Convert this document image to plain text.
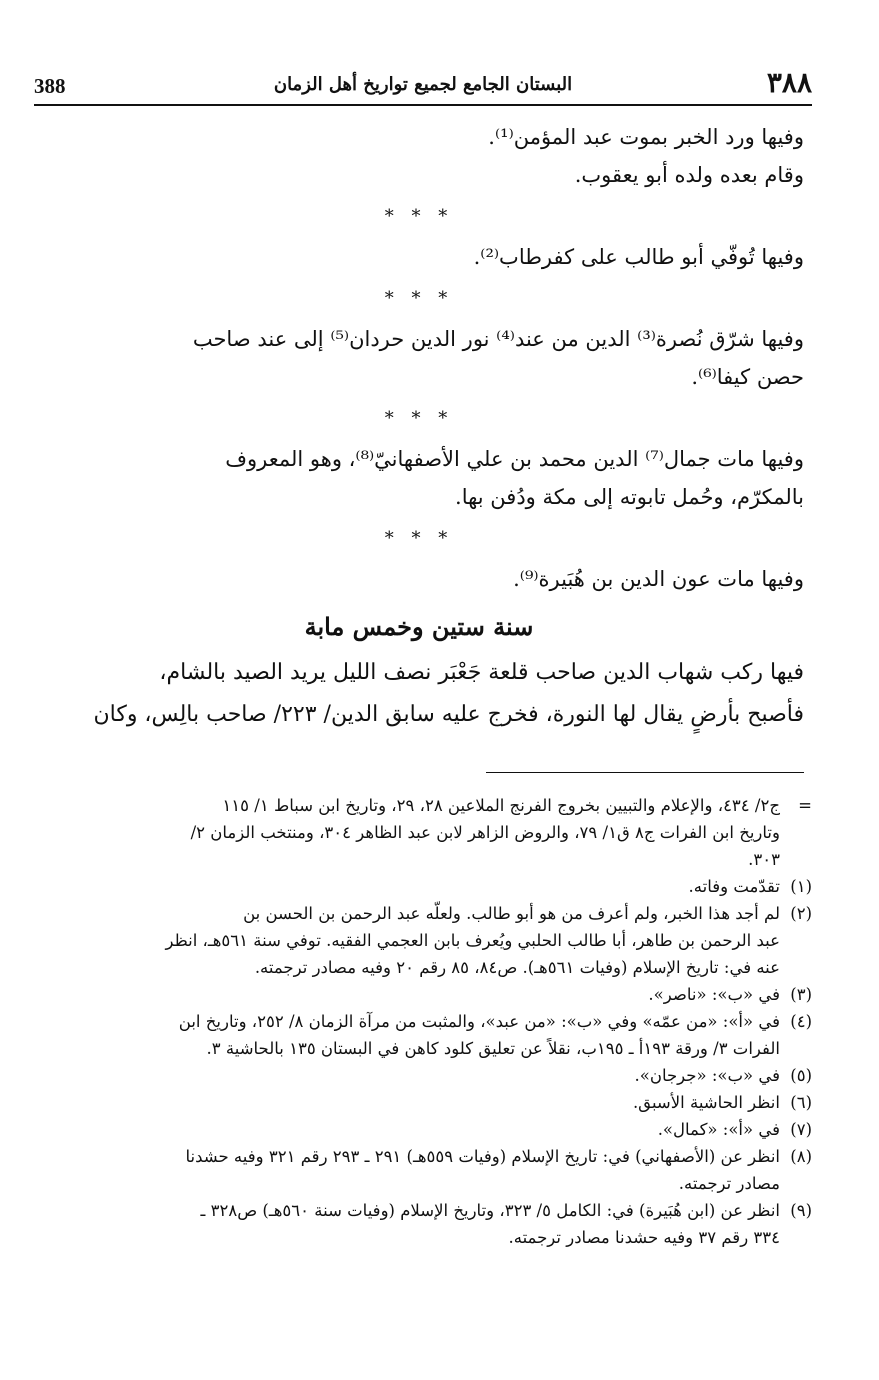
٣٨٨
البستان الجامع لجميع تواريخ أهل الزمان
388

وفيها ورد الخبر بموت عبد المؤمن⁽¹⁾.

وقام بعده ولده أبو يعقوب.

* * *

وفيها تُوفّي أبو طالب على كفرطاب⁽²⁾.

* * *

وفيها شرّق نُصرة⁽³⁾ الدين من عند⁽⁴⁾ نور الدين حردان⁽⁵⁾ إلى عند صاحب

حصن كيفا⁽⁶⁾.

* * *

وفيها مات جمال⁽⁷⁾ الدين محمد بن علي الأصفهانيّ⁽⁸⁾، وهو المعروف

بالمكرّم، وحُمل تابوته إلى مكة ودُفن بها.

* * *

وفيها مات عون الدين بن هُبَيرة⁽⁹⁾.

سنة ستين وخمس مابة

فيها ركب شهاب الدين صاحب قلعة جَعْبَر نصف الليل يريد الصيد بالشام،

فأصبح بأرضٍ يقال لها النورة، فخرج عليه سابق الدين/ ٢٢٣/ صاحب بالِس، وكان

=
ج٢/ ٤٣٤، والإعلام والتبيين بخروج الفرنج الملاعين ٢٨، ٢٩، وتاريخ ابن سباط ١/ ١١٥

وتاريخ ابن الفرات ج٨ ق١/ ٧٩، والروض الزاهر لابن عبد الظاهر ٣٠٤، ومنتخب الزمان ٢/

٣٠٣.

(١)
تقدّمت وفاته.

(٢)
لم أجد هذا الخبر، ولم أعرف من هو أبو طالب. ولعلّه عبد الرحمن بن الحسن بن

عبد الرحمن بن طاهر، أبا طالب الحلبي ويُعرف بابن العجمي الفقيه. توفي سنة ٥٦١هـ، انظر

عنه في: تاريخ الإسلام (وفيات ٥٦١هـ). ص٨٤، ٨٥ رقم ٢٠ وفيه مصادر ترجمته.

(٣)
في «ب»: «ناصر».

(٤)
في «أ»: «من عمّه» وفي «ب»: «من عبد»، والمثبت من مرآة الزمان ٨/ ٢٥٢، وتاريخ ابن

الفرات ٣/ ورقة ١٩٣أ ـ ١٩٥ب، نقلاً عن تعليق كلود كاهن في البستان ١٣٥ بالحاشية ٣.

(٥)
في «ب»: «جرجان».

(٦)
انظر الحاشية الأسبق.

(٧)
في «أ»: «كمال».

(٨)
انظر عن (الأصفهاني) في: تاريخ الإسلام (وفيات ٥٥٩هـ) ٢٩١ ـ ٢٩٣ رقم ٣٢١ وفيه حشدنا

مصادر ترجمته.

(٩)
انظر عن (ابن هُبَيرة) في: الكامل ٥/ ٣٢٣، وتاريخ الإسلام (وفيات سنة ٥٦٠هـ) ص٣٢٨ ـ

٣٣٤ رقم ٣٧ وفيه حشدنا مصادر ترجمته.
